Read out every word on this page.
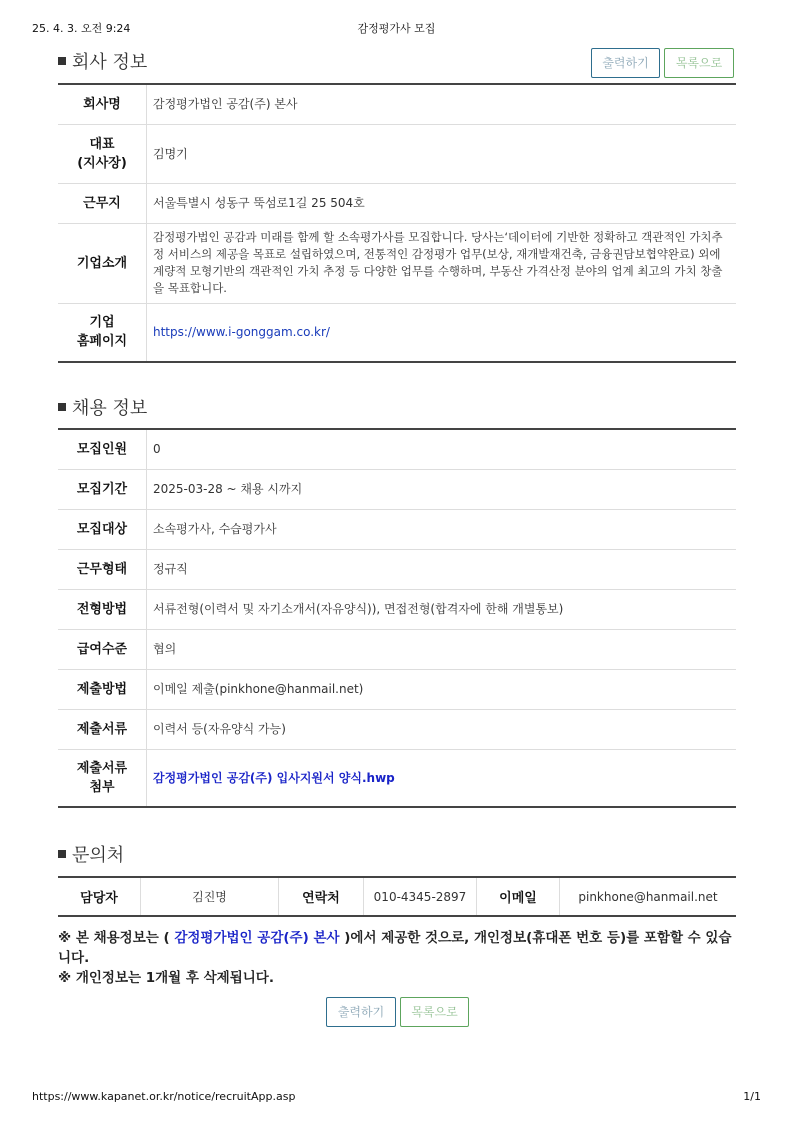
25. 4. 3. 오전 9:24	감정평가사 모집
회사 정보	출력하기	목록으로
회사명	감정평가법인 공감(주) 본사
대표
(지사장)	김명기
근무지	서울특별시 성동구 뚝섬로1길 25 504호
기업소개	감정평가법인 공감과 미래를 함께 할 소속평가사를 모집합니다. 당사는‘데이터에 기반한 정확하고 객관적인 가치추정 서비스의 제공을 목표로 설립하였으며, 전통적인 감정평가 업무(보상, 재개발재건축, 금융권담보협약완료) 외에 계량적 모형기반의 객관적인 가치 추정 등 다양한 업무를 수행하며, 부동산 가격산정 분야의 업계 최고의 가치 창출을 목표합니다.
기업
홈페이지	https://www.i-gonggam.co.kr/
채용 정보
모집인원	0
모집기간	2025-03-28 ~ 채용 시까지
모집대상	소속평가사, 수습평가사
근무형태	정규직
전형방법	서류전형(이력서 및 자기소개서(자유양식)), 면접전형(합격자에 한해 개별통보)
급여수준	협의
제출방법	이메일 제출(pinkhone@hanmail.net)
제출서류	이력서 등(자유양식 가능)
제출서류
첨부	감정평가법인 공감(주) 입사지원서 양식.hwp
문의처
담당자	김진명	연락처	010-4345-2897	이메일	pinkhone@hanmail.net
※ 본 채용정보는 ( 감정평가법인 공감(주) 본사 )에서 제공한 것으로, 개인정보(휴대폰 번호 등)를 포함할 수 있습니다.
※ 개인정보는 1개월 후 삭제됩니다.
출력하기	목록으로
https://www.kapanet.or.kr/notice/recruitApp.asp	1/1
